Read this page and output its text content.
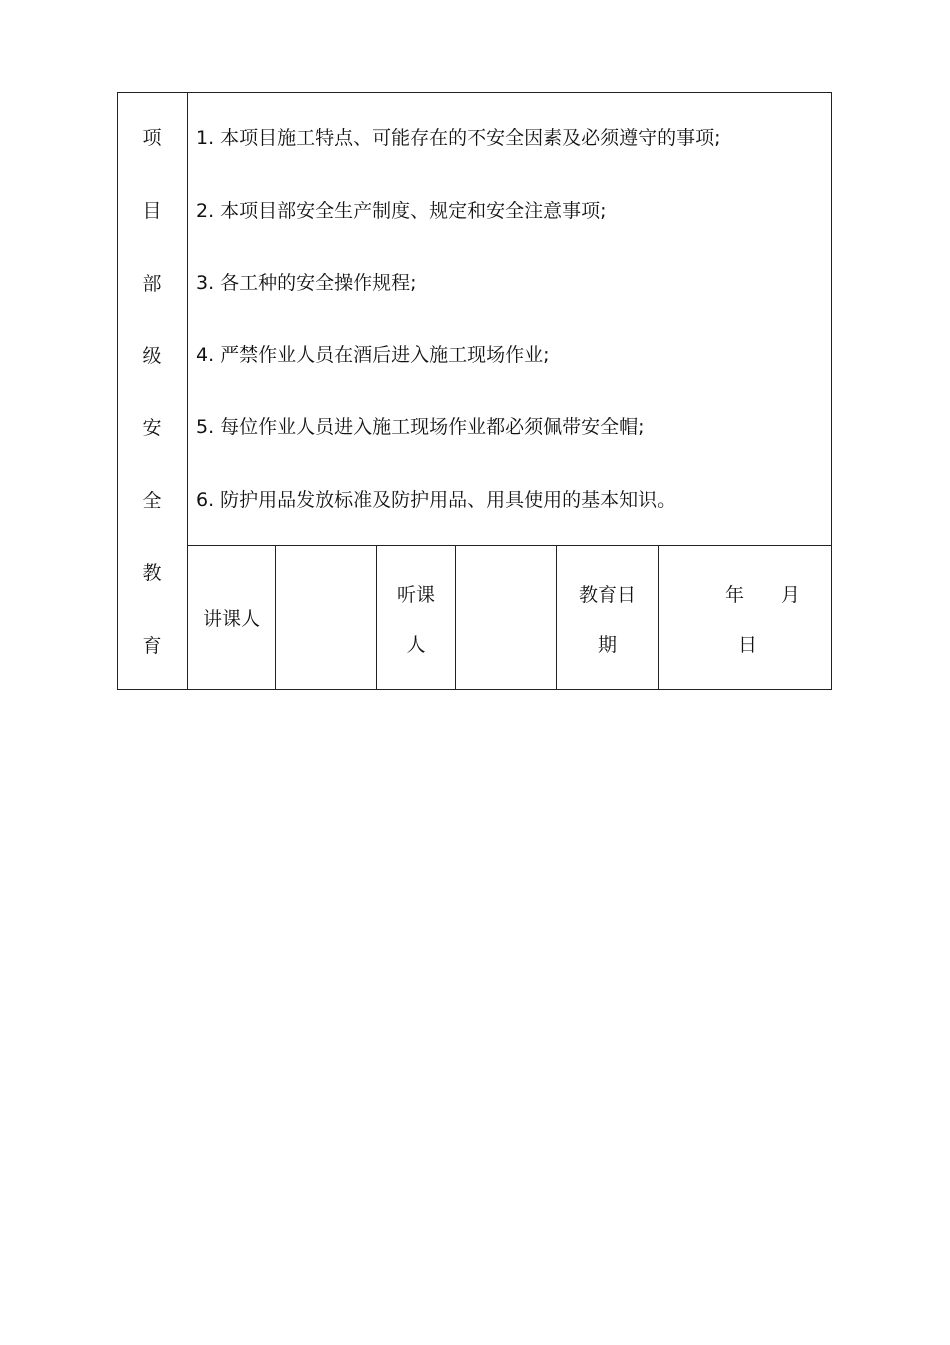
项
目
部
级
安
全
教
育
1. 本项目施工特点、可能存在的不安全因素及必须遵守的事项;
2. 本项目部安全生产制度、规定和安全注意事项;
3. 各工种的安全操作规程;
4. 严禁作业人员在酒后进入施工现场作业;
5. 每位作业人员进入施工现场作业都必须佩带安全帽;
6. 防护用品发放标准及防护用品、用具使用的基本知识。
讲课人
听课
人
教育日
期
年 月
日
